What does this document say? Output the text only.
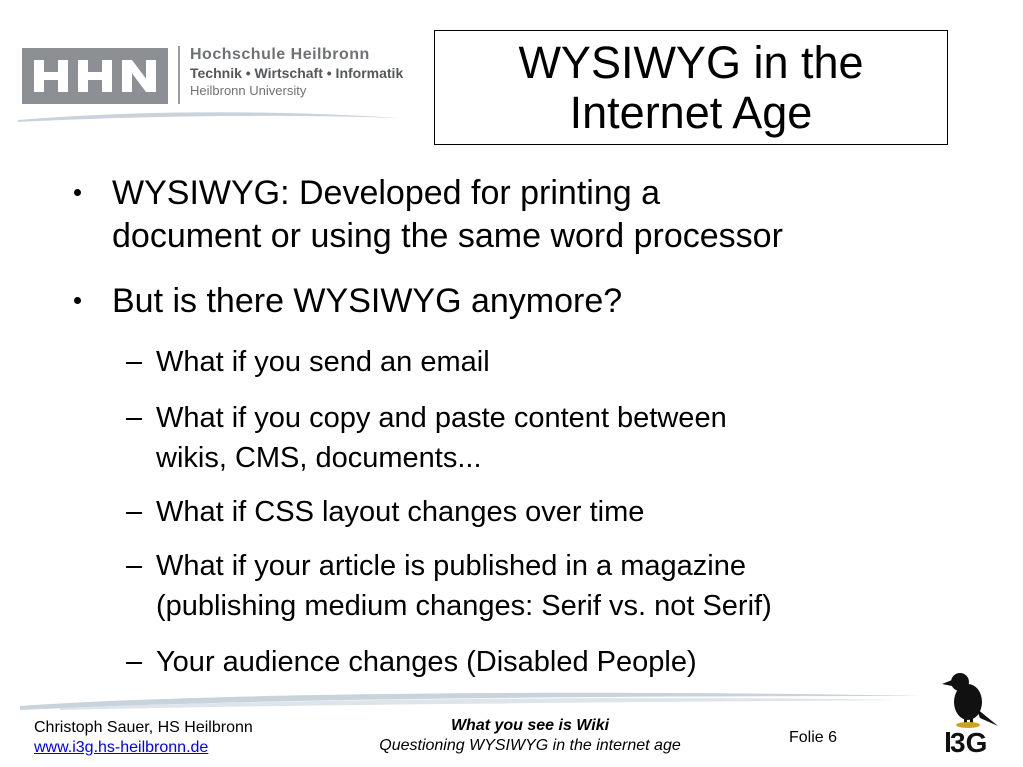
Hochschule Heilbronn
Technik • Wirtschaft • Informatik
Heilbronn University
WYSIWYG in the
Internet Age
WYSIWYG: Developed for printing a
document or using the same word processor
But is there WYSIWYG anymore?
What if you send an email
What if you copy and paste content between
wikis, CMS, documents...
What if CSS layout changes over time
What if your article is published in a magazine
(publishing medium changes: Serif vs. not Serif)
Your audience changes (Disabled People)
Christoph Sauer, HS Heilbronn
www.i3g.hs-heilbronn.de
What you see is Wiki
Questioning WYSIWYG in the internet age	Folie 6	3G
